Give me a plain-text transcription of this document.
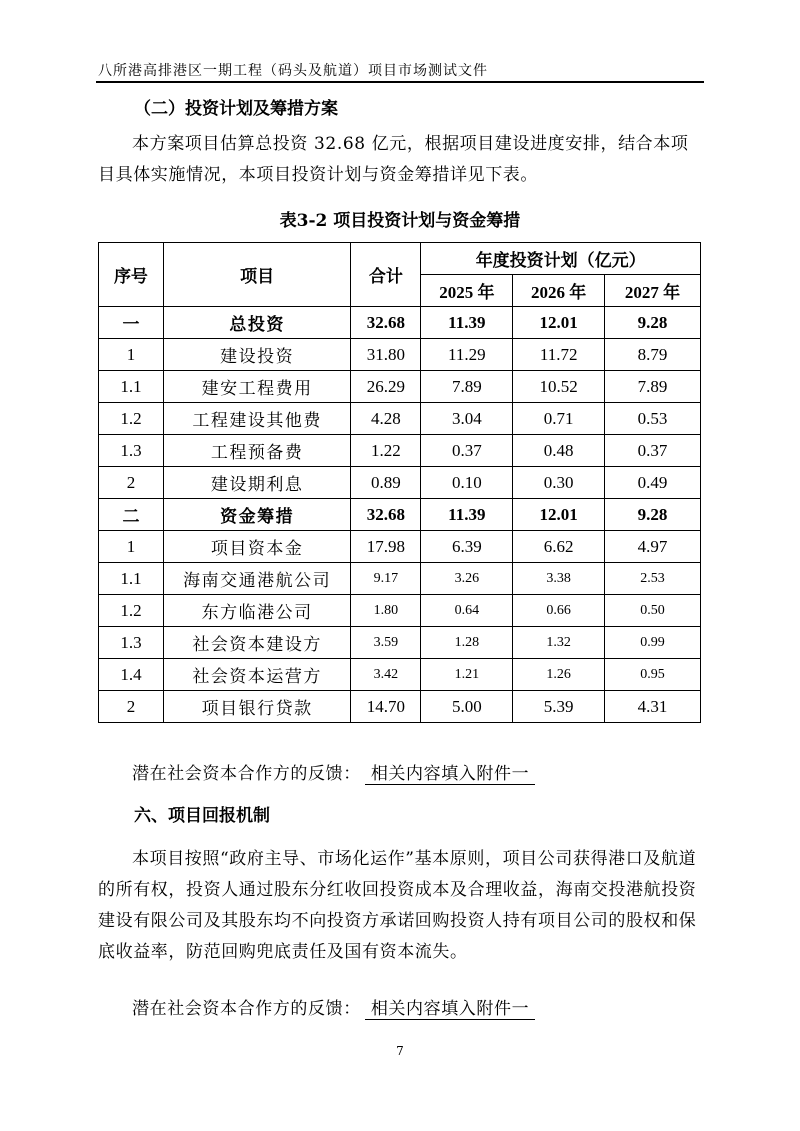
八所港高排港区一期工程（码头及航道）项目市场测试文件
（二）投资计划及筹措方案
本方案项目估算总投资 32.68 亿元，根据项目建设进度安排，结合本项目具体实施情况，本项目投资计划与资金筹措详见下表。
表3-2 项目投资计划与资金筹措
序号	项目	合计	年度投资计划（亿元）		
			2025 年	2026 年	2027 年
一	总投资	32.68	11.39	12.01	9.28
1	建设投资	31.80	11.29	11.72	8.79
1.1	建安工程费用	26.29	7.89	10.52	7.89
1.2	工程建设其他费	4.28	3.04	0.71	0.53
1.3	工程预备费	1.22	0.37	0.48	0.37
2	建设期利息	0.89	0.10	0.30	0.49
二	资金筹措	32.68	11.39	12.01	9.28
1	项目资本金	17.98	6.39	6.62	4.97
1.1	海南交通港航公司	9.17	3.26	3.38	2.53
1.2	东方临港公司	1.80	0.64	0.66	0.50
1.3	社会资本建设方	3.59	1.28	1.32	0.99
1.4	社会资本运营方	3.42	1.21	1.26	0.95
2	项目银行贷款	14.70	5.00	5.39	4.31
潜在社会资本合作方的反馈： 相关内容填入附件一
六、项目回报机制
本项目按照“政府主导、市场化运作”基本原则，项目公司获得港口及航道的所有权，投资人通过股东分红收回投资成本及合理收益，海南交投港航投资建设有限公司及其股东均不向投资方承诺回购投资人持有项目公司的股权和保底收益率，防范回购兜底责任及国有资本流失。
潜在社会资本合作方的反馈： 相关内容填入附件一
7
